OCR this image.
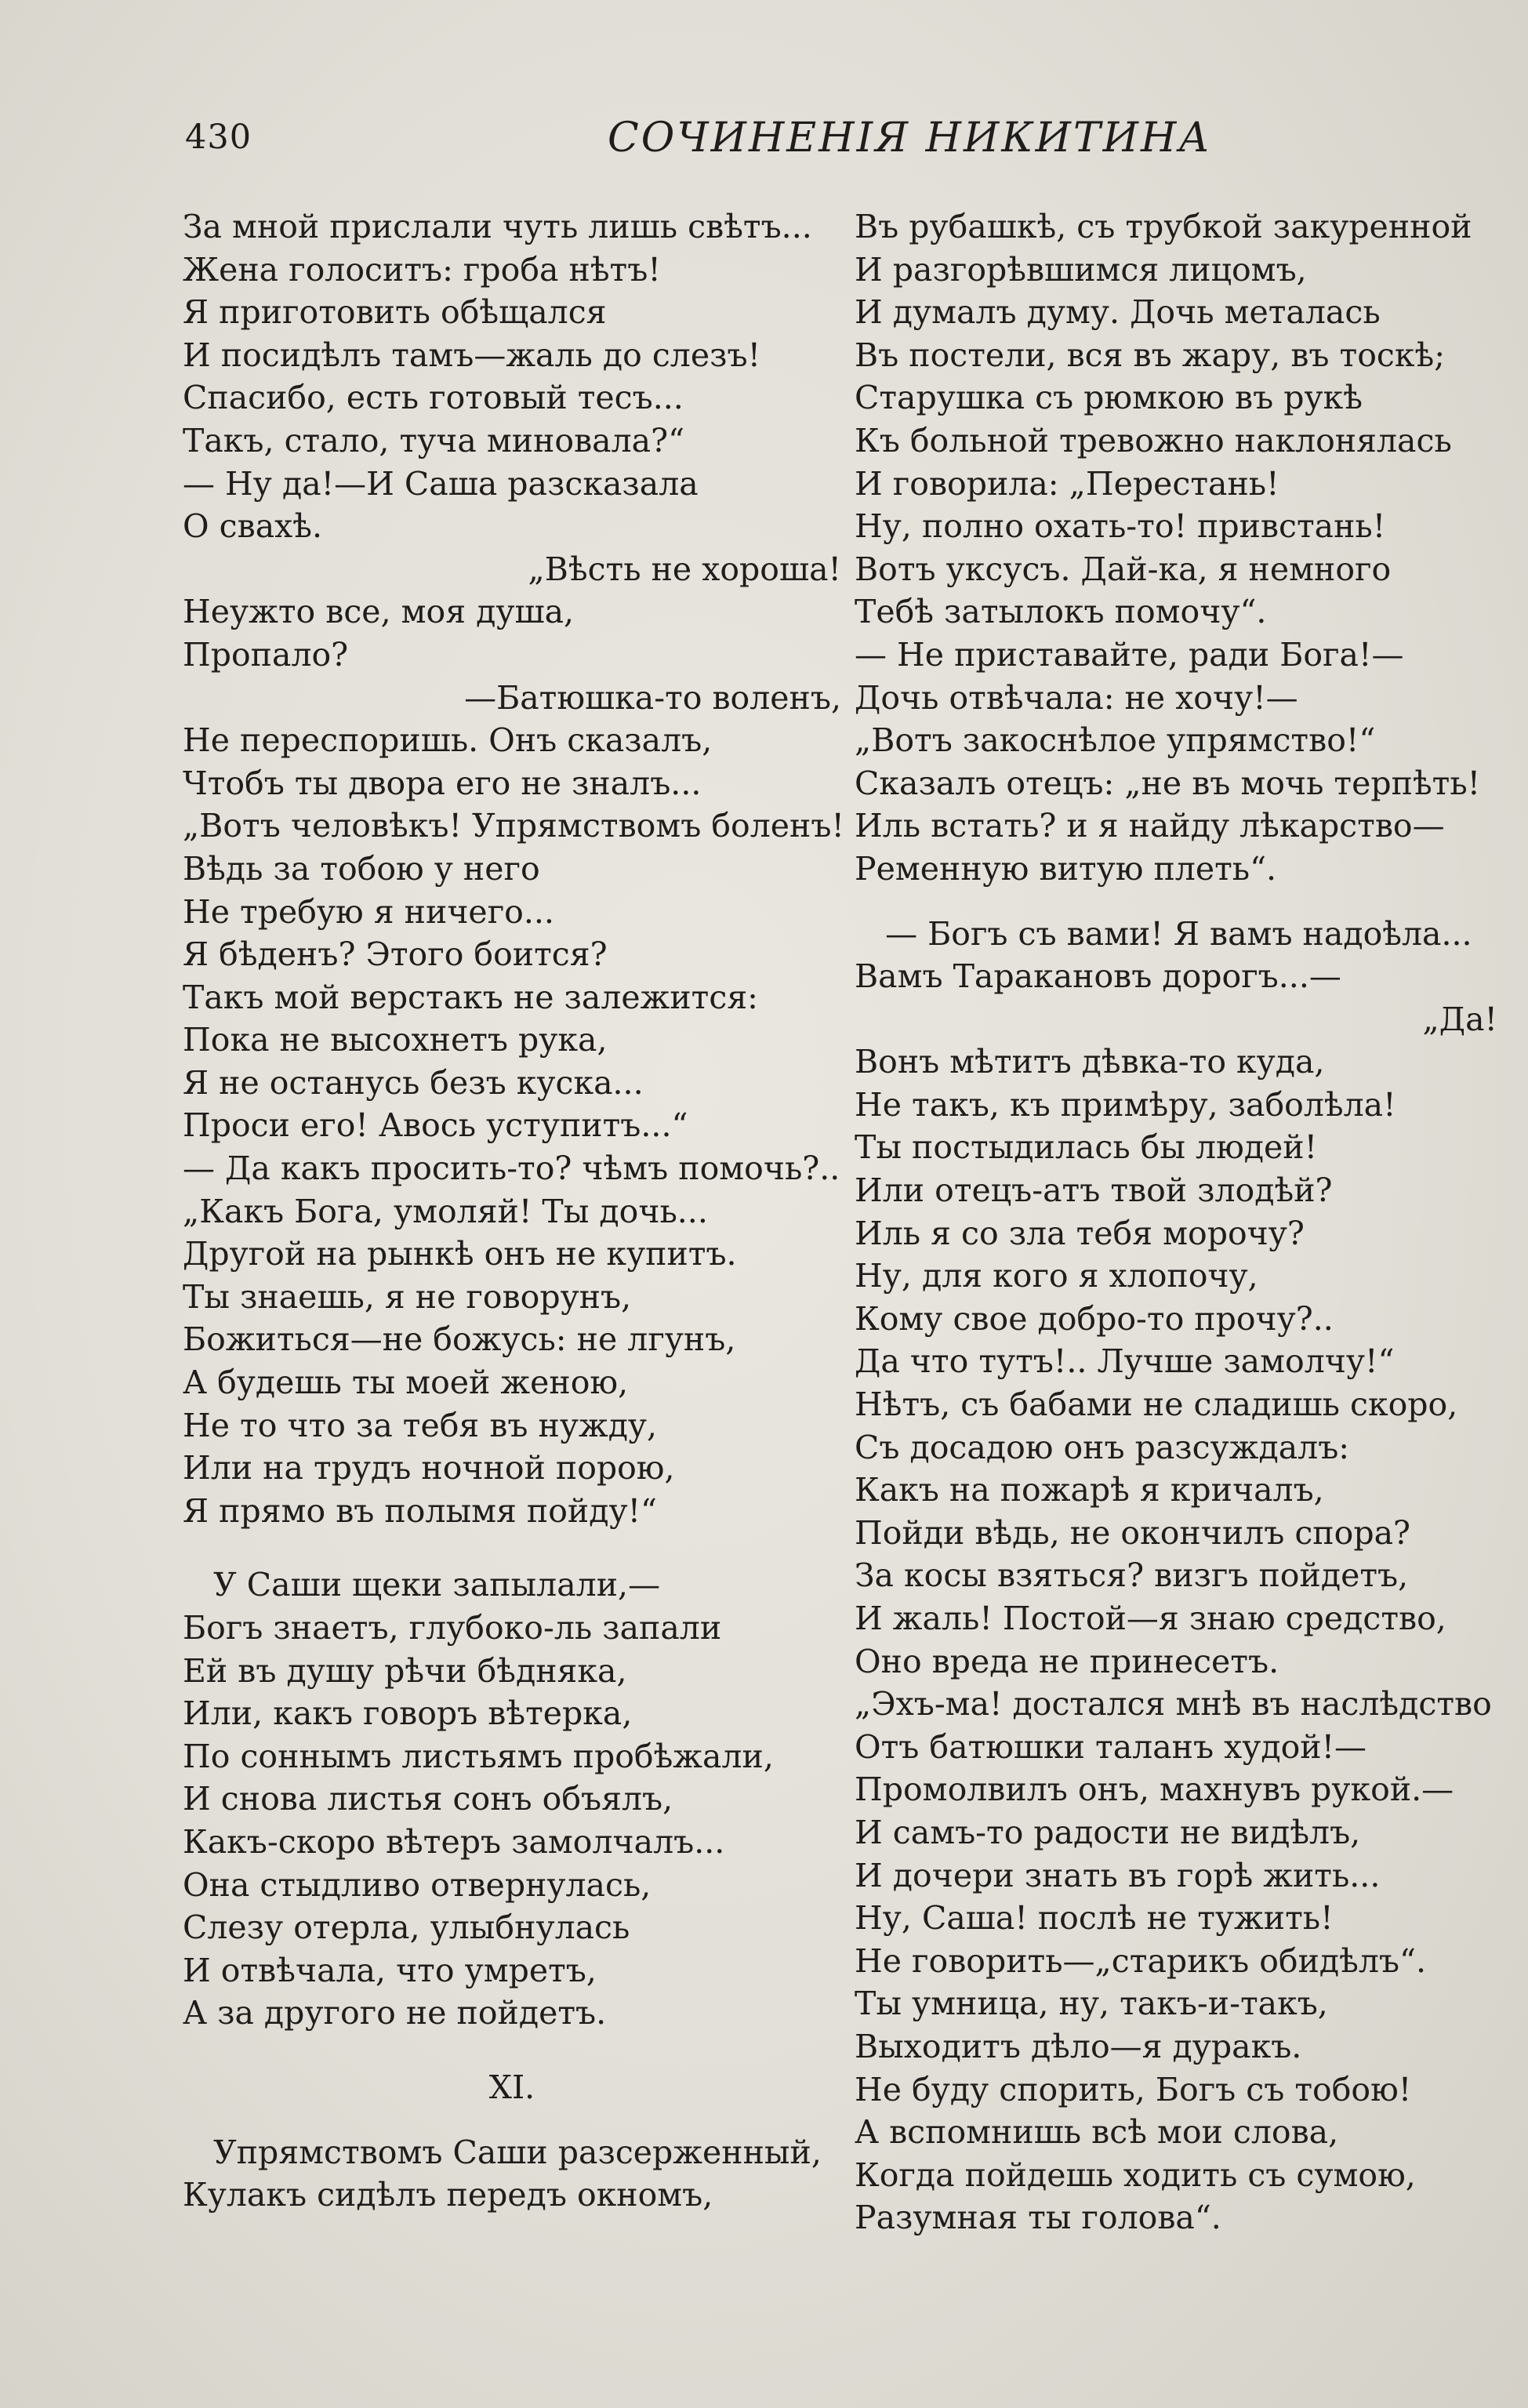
430	СОЧИНЕНІЯ НИКИТИНА
За мной прислали чуть лишь свѣтъ...
Жена голоситъ: гроба нѣтъ!
Я приготовить обѣщался
И посидѣлъ тамъ—жаль до слезъ!
Спасибо, есть готовый тесъ...
Такъ, стало, туча миновала?“
— Ну да!—И Саша разсказала
О свахѣ.
„Вѣсть не хороша!
Неужто все, моя душа,
Пропало?
—Батюшка-то воленъ,
Не переспоришь. Онъ сказалъ,
Чтобъ ты двора его не зналъ...
„Вотъ человѣкъ! Упрямствомъ боленъ!
Вѣдь за тобою у него
Не требую я ничего...
Я бѣденъ? Этого боится?
Такъ мой верстакъ не залежится:
Пока не высохнетъ рука,
Я не останусь безъ куска...
Проси его! Авось уступитъ...“
— Да какъ просить-то? чѣмъ помочь?..
„Какъ Бога, умоляй! Ты дочь...
Другой на рынкѣ онъ не купитъ.
Ты знаешь, я не говорунъ,
Божиться—не божусь: не лгунъ,
А будешь ты моей женою,
Не то что за тебя въ нужду,
Или на трудъ ночной порою,
Я прямо въ полымя пойду!“
У Саши щеки запылали,—
Богъ знаетъ, глубоко-ль запали
Ей въ душу рѣчи бѣдняка,
Или, какъ говоръ вѣтерка,
По соннымъ листьямъ пробѣжали,
И снова листья сонъ объялъ,
Какъ-скоро вѣтеръ замолчалъ...
Она стыдливо отвернулась,
Слезу отерла, улыбнулась
И отвѣчала, что умретъ,
А за другого не пойдетъ.
XI.
Упрямствомъ Саши разсерженный,
Кулакъ сидѣлъ передъ окномъ,
Въ рубашкѣ, съ трубкой закуренной
И разгорѣвшимся лицомъ,
И думалъ думу. Дочь металась
Въ постели, вся въ жару, въ тоскѣ;
Старушка съ рюмкою въ рукѣ
Къ больной тревожно наклонялась
И говорила: „Перестань!
Ну, полно охать-то! привстань!
Вотъ уксусъ. Дай-ка, я немного
Тебѣ затылокъ помочу“.
— Не приставайте, ради Бога!—
Дочь отвѣчала: не хочу!—
„Вотъ закоснѣлое упрямство!“
Сказалъ отецъ: „не въ мочь терпѣть!
Иль встать? и я найду лѣкарство—
Ременную витую плеть“.
— Богъ съ вами! Я вамъ надоѣла...
Вамъ Таракановъ дорогъ...—
„Да!
Вонъ мѣтитъ дѣвка-то куда,
Не такъ, къ примѣру, заболѣла!
Ты постыдилась бы людей!
Или отецъ-атъ твой злодѣй?
Иль я со зла тебя морочу?
Ну, для кого я хлопочу,
Кому свое добро-то прочу?..
Да что тутъ!.. Лучше замолчу!“
Нѣтъ, съ бабами не сладишь скоро,
Съ досадою онъ разсуждалъ:
Какъ на пожарѣ я кричалъ,
Пойди вѣдь, не окончилъ спора?
За косы взяться? визгъ пойдетъ,
И жаль! Постой—я знаю средство,
Оно вреда не принесетъ.
„Эхъ-ма! достался мнѣ въ наслѣдство
Отъ батюшки таланъ худой!—
Промолвилъ онъ, махнувъ рукой.—
И самъ-то радости не видѣлъ,
И дочери знать въ горѣ жить...
Ну, Саша! послѣ не тужить!
Не говорить—„старикъ обидѣлъ“.
Ты умница, ну, такъ-и-такъ,
Выходитъ дѣло—я дуракъ.
Не буду спорить, Богъ съ тобою!
А вспомнишь всѣ мои слова,
Когда пойдешь ходить съ сумою,
Разумная ты голова“.
